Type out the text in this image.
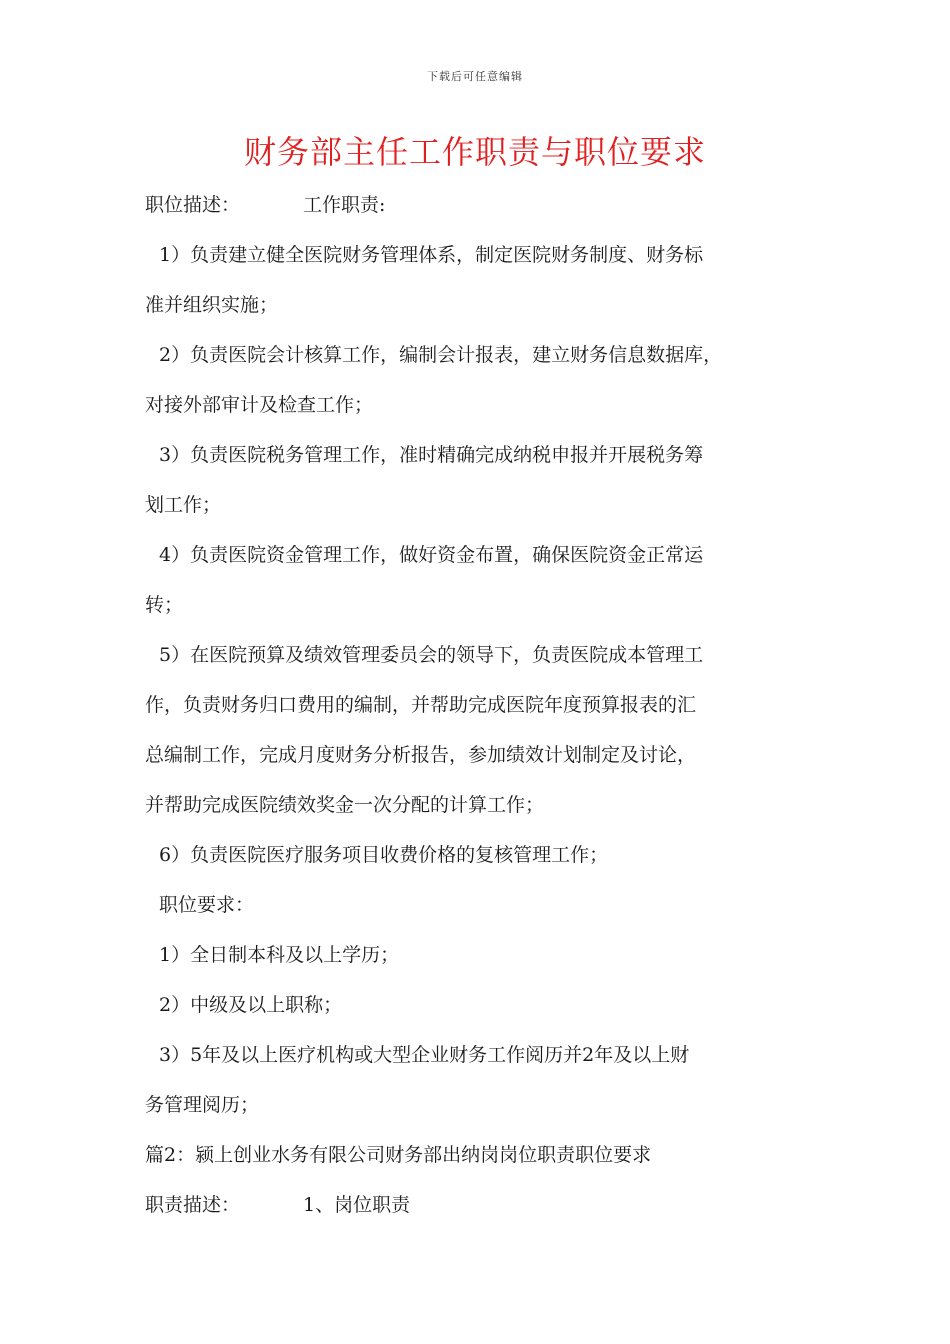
下载后可任意编辑
财务部主任工作职责与职位要求
职位描述：	工作职责:
1）负责建立健全医院财务管理体系，制定医院财务制度、财务标
准并组织实施；
2）负责医院会计核算工作，编制会计报表，建立财务信息数据库，
对接外部审计及检查工作；
3）负责医院税务管理工作，准时精确完成纳税申报并开展税务筹
划工作；
4）负责医院资金管理工作，做好资金布置，确保医院资金正常运
转；
5）在医院预算及绩效管理委员会的领导下，负责医院成本管理工
作，负责财务归口费用的编制，并帮助完成医院年度预算报表的汇
总编制工作，完成月度财务分析报告，参加绩效计划制定及讨论，
并帮助完成医院绩效奖金一次分配的计算工作；
6）负责医院医疗服务项目收费价格的复核管理工作；
职位要求：
1）全日制本科及以上学历；
2）中级及以上职称；
3）5年及以上医疗机构或大型企业财务工作阅历并2年及以上财
务管理阅历；
篇2：颍上创业水务有限公司财务部出纳岗岗位职责职位要求
职责描述：	1、岗位职责
